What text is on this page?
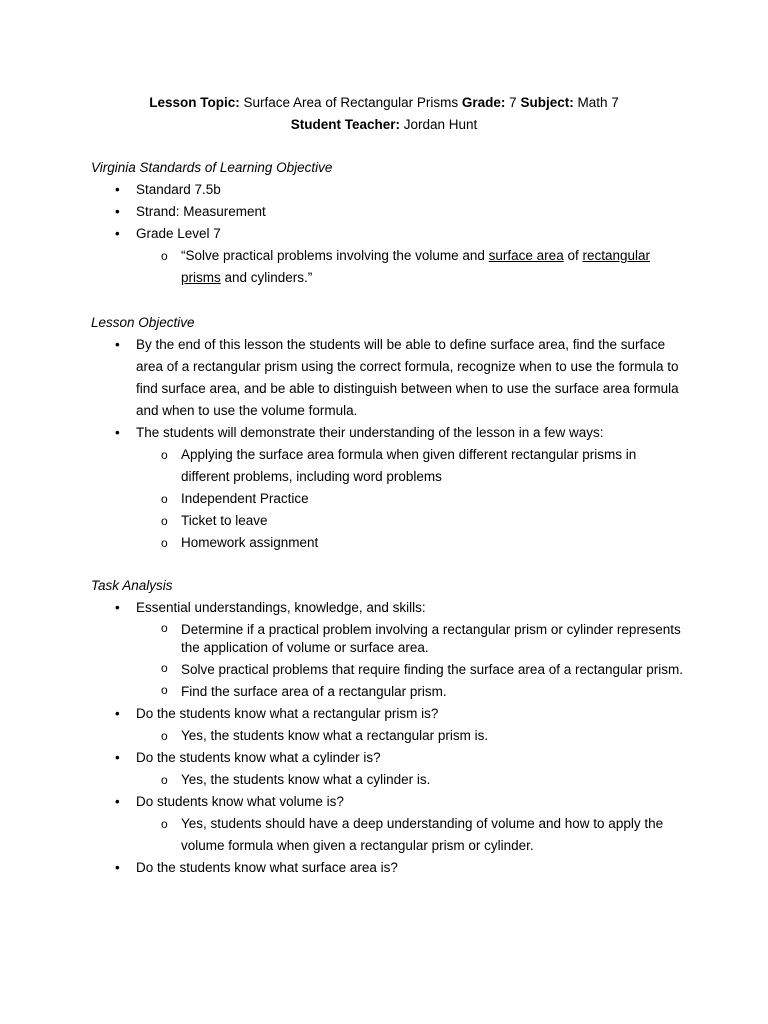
Lesson Topic: Surface Area of Rectangular Prisms Grade: 7 Subject: Math 7
Student Teacher: Jordan Hunt
Virginia Standards of Learning Objective
• Standard 7.5b
• Strand: Measurement
• Grade Level 7
o “Solve practical problems involving the volume and surface area of rectangular prisms and cylinders.”
Lesson Objective
• By the end of this lesson the students will be able to define surface area, find the surface area of a rectangular prism using the correct formula, recognize when to use the formula to find surface area, and be able to distinguish between when to use the surface area formula and when to use the volume formula.
• The students will demonstrate their understanding of the lesson in a few ways:
o Applying the surface area formula when given different rectangular prisms in different problems, including word problems
o Independent Practice
o Ticket to leave
o Homework assignment
Task Analysis
• Essential understandings, knowledge, and skills:
o Determine if a practical problem involving a rectangular prism or cylinder represents the application of volume or surface area.
o Solve practical problems that require finding the surface area of a rectangular prism.
o Find the surface area of a rectangular prism.
• Do the students know what a rectangular prism is?
o Yes, the students know what a rectangular prism is.
• Do the students know what a cylinder is?
o Yes, the students know what a cylinder is.
• Do students know what volume is?
o Yes, students should have a deep understanding of volume and how to apply the volume formula when given a rectangular prism or cylinder.
• Do the students know what surface area is?
